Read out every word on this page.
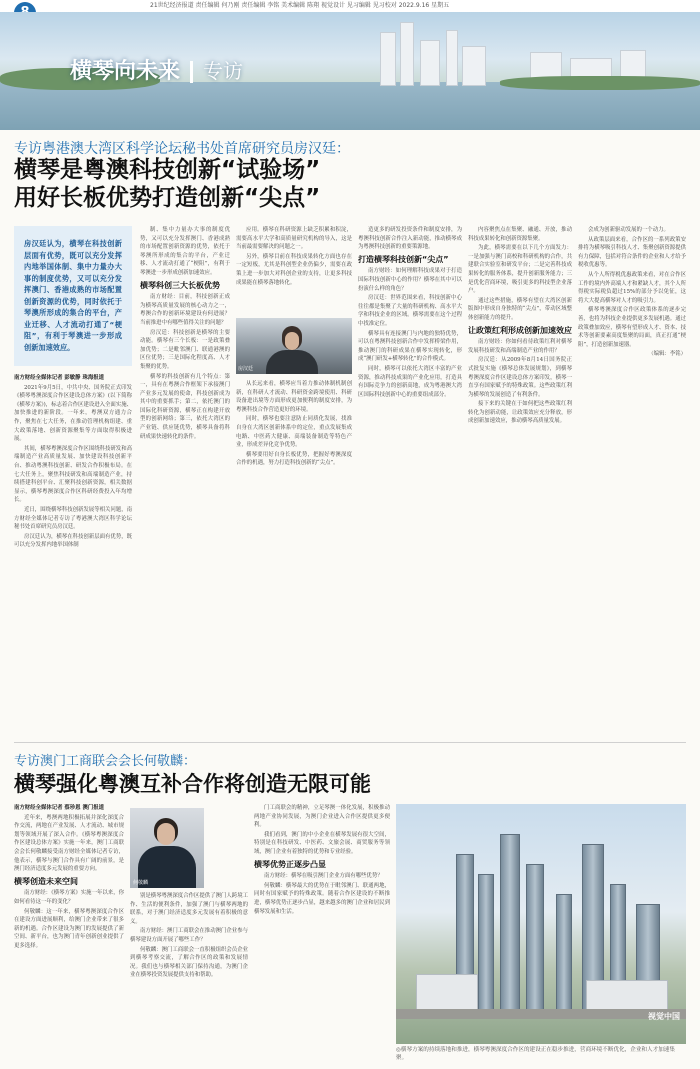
21世纪经济报道 责任编辑 何乃刚 责任编辑 李铭 美术编辑 陈翔 视觉设计 见习编辑 见习校对 2022.9.16 星期五
横琴向未来 专访
专访粤港澳大湾区科学论坛秘书处首席研究员房汉廷：
横琴是粤澳科技创新“试验场”
用好长板优势打造创新“尖点”
房汉廷认为，横琴在科技创新层面有优势，既可以充分发挥内地举国体制、集中力量办大事的制度优势，又可以充分发挥澳门、香港成熟的市场配置创新资源的优势，同时依托于琴澳所形成的集合的平台，产业迁移、人才流动打通了“梗阻”，有利于琴澳进一步形成创新加速效应。

南方财经全媒体记者 彭敏静 珠海报道

2021年9月5日，中共中央、国务院正式印发《横琴粤澳深度合作区建设总体方案》(以下简称《横琴方案》)，标志着合作区建设进入全面实施、加快推进的新阶段。一年来，粤澳双方通力合作，聚焦在七大任务，在推动管理机构组建、重大政策落地、创新资源聚集等方面取得积极进展。

其间，横琴粤澳深度合作区围绕科技研发和高端制造产业高质量发展、加快建设科技创新平台、推动粤澳科技创新、研发合作积极布局。在七大任务上，聚焦科技研发和高端制造产业，持续搭建科创平台、汇聚科技创新资源，相关数据显示，横琴粤澳深度合作区科研经费投入年均增长。

近日，围绕横琴科技创新发展等相关问题，南方财经全媒体记者专访了粤港澳大湾区科学论坛秘书处首席研究员房汉廷。

房汉廷认为，横琴在科技创新层面有优势，既可以充分发挥内地举国体制

制、集中力量办大事的制度优势，又可以充分发挥澳门、香港成熟的市场配置创新资源的优势，依托于琴澳所形成的集合的平台，产业迁移、人才流动打通了“梗阻”，有利于琴澳进一步形成创新加速效应。

横琴科创三大长板优势

南方财经：目前，科技创新正成为横琴高质量发展的核心动力之一，粤澳合作的创新环境建设有何进展？当前推进中有哪些值得关注的问题？

房汉廷：科技创新是横琴的主要动能。横琴有三个长板：一是政策叠加优势；二是毗邻澳门、联通港澳的区位优势；三是国际化程度高、人才集聚的优势。

横琴的科技创新有几个特点：第一，具有在粤澳合作框架下承接澳门产业多元发展的使命，科技创新成为其中的重要抓手；第二，依托澳门的国际化科研资源，横琴正在构建开放型的创新网络；第三，依托大湾区的产业链、供应链优势，横琴具备将科研成果快速转化的条件。

房汉廷

应用。横琴在科研资源上缺乏积累和积淀，需要高水平大学和高质量研究机构的导入，这是当前最需要解决的问题之一。

另外，横琴目前在科技成果转化方面也存在一定短板，尤其是科创型企业仍偏少，需要在政策上进一步加大对科创企业的支持，让更多科技成果能在横琴落地转化。

从长远来看，横琴应当着力推动体制机制创新，在科研人才流动、科研资金跨境使用、科研设备进出境等方面形成更加便利的制度安排，为粤澳科技合作营造更好的环境。

同时，横琴也要注意防止同质化发展，找准自身在大湾区创新体系中的定位，重点发展集成电路、中医药大健康、高端装备制造等特色产业，形成差异化竞争优势。

横琴要用好自身长板优势，把握好粤澳深度合作的机遇，努力打造科技创新的“尖点”。

造更多的研发投资条件和制度安排，为粤澳科技创新合作注入新动能，推动横琴成为粤澳科技创新的重要策源地。

打造横琴科技创新“尖点”

南方财经：如何理解科技成果对于打造国际科技创新中心的作用？横琴在其中可以扮演什么样的角色？

房汉廷：世界范围来看，科技创新中心往往都是集聚了大量的科研机构、高水平大学和科技企业的区域。横琴需要在这个过程中找准定位。

横琴具有连接澳门与内地的独特优势，可以在粤澳科技创新合作中发挥桥梁作用，推动澳门的科研成果在横琴实现转化，形成“澳门研发+横琴转化”的合作模式。

同时，横琴可以依托大湾区丰富的产业资源，推动科技成果的产业化应用，打造具有国际竞争力的创新高地，成为粤港澳大湾区国际科技创新中心的重要组成部分。

内容聚焦点在集聚、融通、开放，推动科技成果转化和创新资源集聚。

为此，横琴需要在以下几个方面发力：一是加强与澳门高校和科研机构的合作，共建联合实验室和研发平台；二是完善科技成果转化的服务体系，提升创新服务能力；三是优化营商环境，吸引更多的科技型企业落户。

通过这些措施，横琴有望在大湾区创新版图中形成自身独特的“尖点”，带动区域整体创新能力的提升。

让政策红利形成创新加速效应

南方财经：你如何看待政策红利对横琴发展科技研发和高端制造产业的作用？

房汉廷：从2009年8月14日国务院正式批复实施《横琴总体发展规划》，到横琴粤澳深度合作区建设总体方案印发，横琴一直享有国家赋予的特殊政策。这些政策红利为横琴的发展创造了有利条件。

接下来的关键在于如何把这些政策红利转化为创新动能，让政策效应充分释放，形成创新加速效应，推动横琴高质量发展。

会成为创新驱动发展的一个动力。

从政策层面来看，合作区的一系列政策安排将为横琴吸引科技人才、集聚创新资源提供有力保障，包括对符合条件的企业和人才给予税收优惠等。

从个人所得税优惠政策来看，对在合作区工作的境内外高端人才和紧缺人才，其个人所得税实际税负超过15%的部分予以免征，这将大大提高横琴对人才的吸引力。

横琴粤澳深度合作区政策体系的逐步完善，也将为科技企业提供更多发展机遇。通过政策叠加效应，横琴有望形成人才、资本、技术等创新要素高度集聚的局面，真正打通“梗阻”，打造创新加速器。

（编辑：李铭）

专访澳门工商联会会长何敬麟：
横琴强化粤澳互补合作将创造无限可能

南方财经全媒体记者 蔡珍恩 澳门报道

近年来，粤澳两地积极拓展并深化深度合作交流，两地在产业发展、人才流动、城市规划等领域开展了深入合作。《横琴粤澳深度合作区建设总体方案》实施一年来，澳门工商联会会长何敬麟接受南方财经全媒体记者专访，他表示，横琴与澳门合作具有广阔的前景，是澳门经济适度多元发展的重要方向。

横琴创造未来空间

南方财经：《横琴方案》实施一年以来，你如何看待这一年的变化？

何敬麟：这一年来，横琴粤澳深度合作区在建设方面进展顺利，给澳门企业带来了很多新的机遇。合作区建设为澳门的发展提供了新空间、新平台，也为澳门青年创新创业提供了更多选择。

何敬麟

别是横琴粤澳深度合作区提供了澳门人跨境工作、生活的便利条件，加强了澳门与横琴两地的联系，对于澳门经济适度多元发展有着积极的意义。

南方财经：澳门工商联会在推动澳门企业参与横琴建设方面开展了哪些工作？

何敬麟：澳门工商联会一直积极组织会员企业到横琴考察交流，了解合作区的政策和发展情况。我们也与横琴相关部门保持沟通，为澳门企业在横琴投资发展提供支持和帮助。

门工商联会的精神，立足琴澳一体化发展，积极推动两地产业协同发展，为澳门企业进入合作区提供更多便利。

我们看到，澳门的中小企业在横琴发展有很大空间，特别是在科技研发、中医药、文旅会展、商贸服务等领域，澳门企业有着独特的优势和专业经验。

横琴优势正逐步凸显

南方财经：横琴在吸引澳门企业方面有哪些优势？

何敬麟：横琴最大的优势在于毗邻澳门、联通两地，同时有国家赋予的特殊政策。随着合作区建设的不断推进，横琴优势正逐步凸显，越来越多的澳门企业和居民到横琴发展和生活。

视觉中国
◎横琴方案的持续落地和推进，横琴粤澳深度合作区的建设正在稳步推进，营商环境不断优化，企业和人才加速集聚。
